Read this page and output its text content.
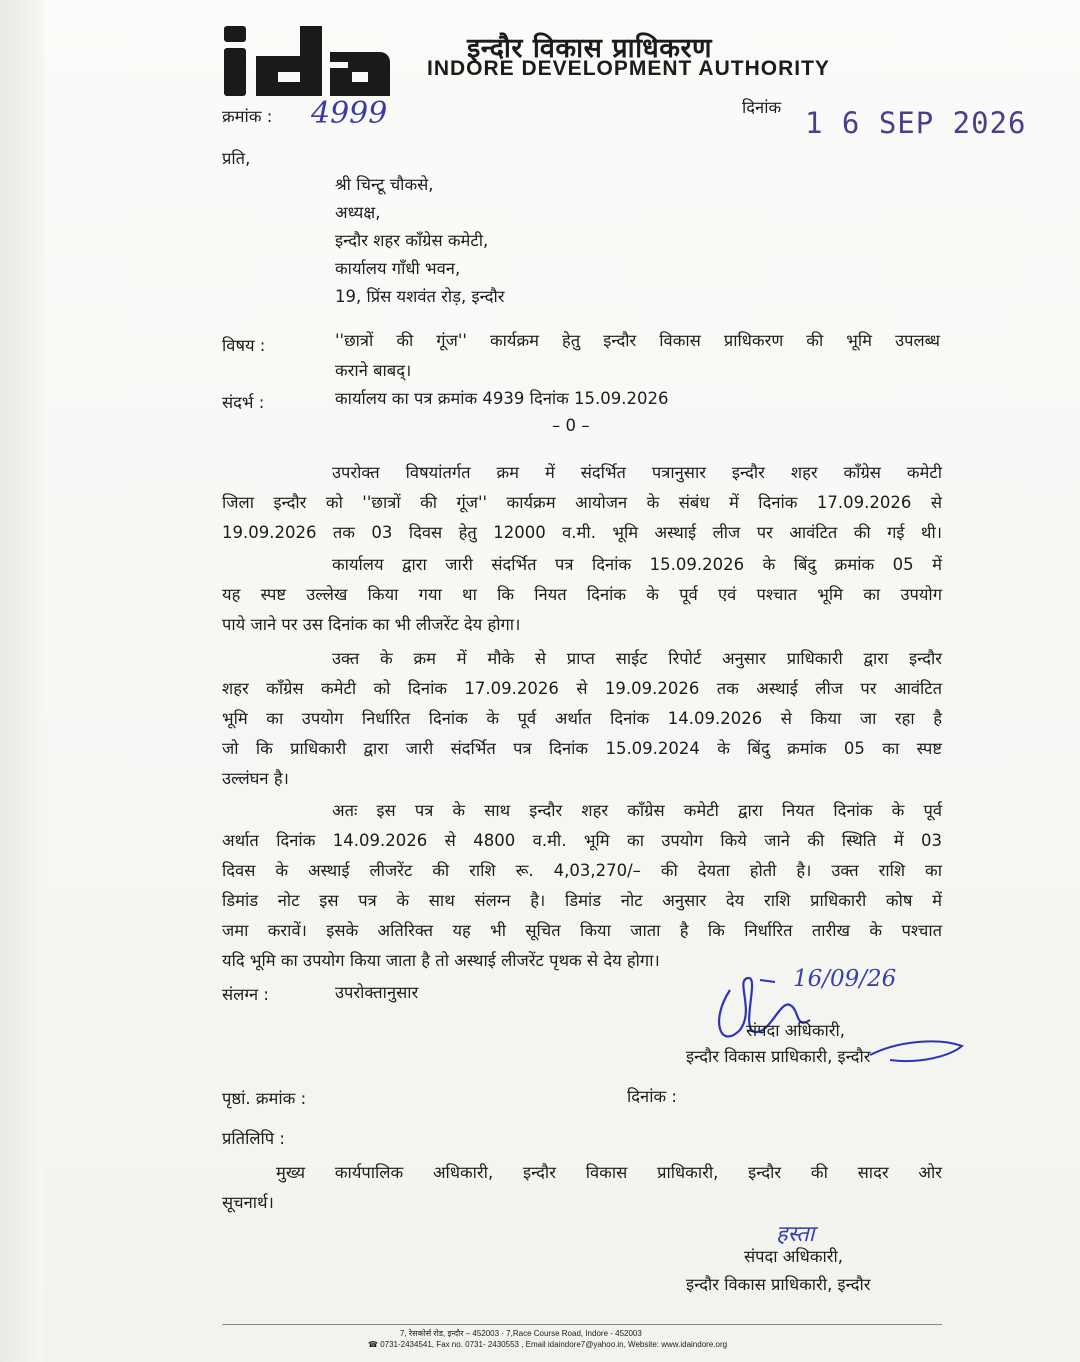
ida
इन्दौर विकास प्राधिकरण
INDORE DEVELOPMENT AUTHORITY
क्रमांक : 4999	दिनांक 1 6 SEP 2026
प्रति,
श्री चिन्टू चौकसे,
अध्यक्ष,
इन्दौर शहर काँग्रेस कमेटी,
कार्यालय गाँधी भवन,
19, प्रिंस यशवंत रोड़, इन्दौर
विषय :	''छात्रों की गूंज'' कार्यक्रम हेतु इन्दौर विकास प्राधिकरण की भूमि उपलब्ध
कराने बाबद्।
संदर्भ :	कार्यालय का पत्र क्रमांक 4939 दिनांक 15.09.2026
– 0 –
उपरोक्त विषयांतर्गत क्रम में संदर्भित पत्रानुसार इन्दौर शहर काँग्रेस कमेटी
जिला इन्दौर को ''छात्रों की गूंज'' कार्यक्रम आयोजन के संबंध में दिनांक 17.09.2026 से
19.09.2026 तक 03 दिवस हेतु 12000 व.मी. भूमि अस्थाई लीज पर आवंटित की गई थी।
कार्यालय द्वारा जारी संदर्भित पत्र दिनांक 15.09.2026 के बिंदु क्रमांक 05 में
यह स्पष्ट उल्लेख किया गया था कि नियत दिनांक के पूर्व एवं पश्चात भूमि का उपयोग
पाये जाने पर उस दिनांक का भी लीजरेंट देय होगा।
उक्त के क्रम में मौके से प्राप्त साईट रिपोर्ट अनुसार प्राधिकारी द्वारा इन्दौर
शहर काँग्रेस कमेटी को दिनांक 17.09.2026 से 19.09.2026 तक अस्थाई लीज पर आवंटित
भूमि का उपयोग निर्धारित दिनांक के पूर्व अर्थात दिनांक 14.09.2026 से किया जा रहा है
जो कि प्राधिकारी द्वारा जारी संदर्भित पत्र दिनांक 15.09.2024 के बिंदु क्रमांक 05 का स्पष्ट
उल्लंघन है।
अतः इस पत्र के साथ इन्दौर शहर काँग्रेस कमेटी द्वारा नियत दिनांक के पूर्व
अर्थात दिनांक 14.09.2026 से 4800 व.मी. भूमि का उपयोग किये जाने की स्थिति में 03
दिवस के अस्थाई लीजरेंट की राशि रू. 4,03,270/– की देयता होती है। उक्त राशि का
डिमांड नोट इस पत्र के साथ संलग्न है। डिमांड नोट अनुसार देय राशि प्राधिकारी कोष में
जमा करावें। इसके अतिरिक्त यह भी सूचित किया जाता है कि निर्धारित तारीख के पश्चात
यदि भूमि का उपयोग किया जाता है तो अस्थाई लीजरेंट पृथक से देय होगा।
संलग्न :	उपरोक्तानुसार
16/09/26
संपदा अधिकारी,
इन्दौर विकास प्राधिकारी, इन्दौर
पृष्ठां. क्रमांक :	दिनांक :
प्रतिलिपि :
मुख्य कार्यपालिक अधिकारी, इन्दौर विकास प्राधिकारी, इन्दौर की सादर ओर
सूचनार्थ।
हस्ता
संपदा अधिकारी,
इन्दौर विकास प्राधिकारी, इन्दौर
7, रेसकोर्स रोड, इन्दौर – 452003 · 7,Race Course Road, Indore - 452003
☎ 0731-2434541, Fax no. 0731- 2430553 , Email idaindore7@yahoo.in, Website: www.idaindore.org
